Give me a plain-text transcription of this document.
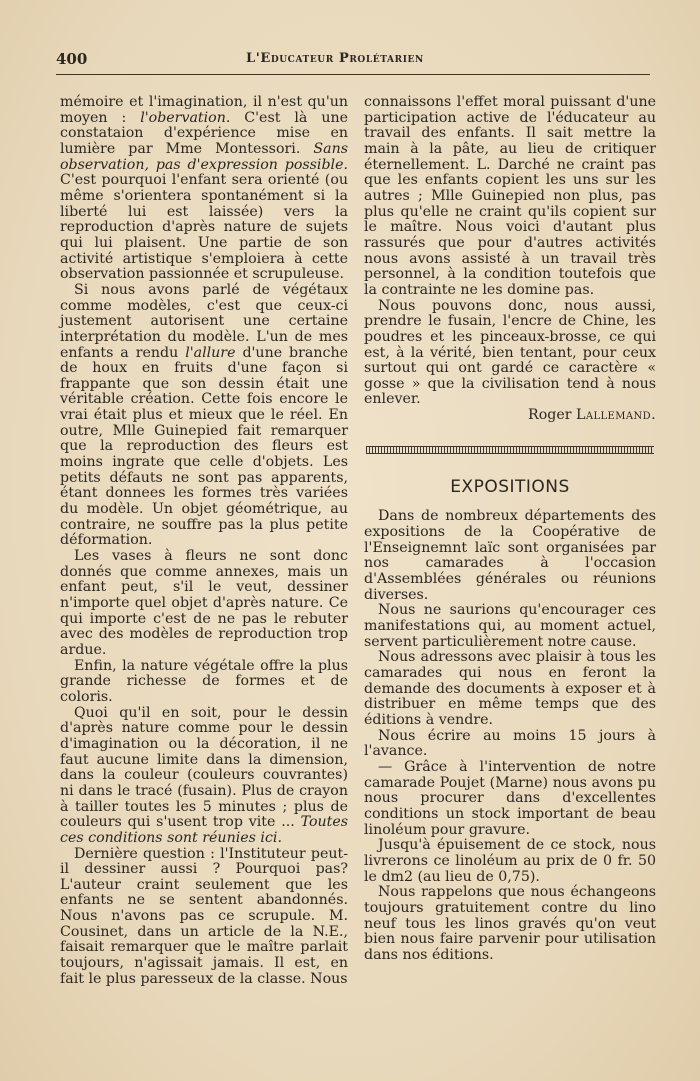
400	L'Educateur Prolétarien

mémoire et l'imagination, il n'est qu'un moyen : l'obervation. C'est là une constataion d'expérience mise en lumière par Mme Montessori. Sans observation, pas d'expression possible. C'est pourquoi l'enfant sera orienté (ou même s'orientera spontanément si la liberté lui est laissée) vers la reproduction d'après nature de sujets qui lui plaisent. Une partie de son activité artistique s'emploiera à cette observation passionnée et scrupuleuse.

Si nous avons parlé de végétaux comme modèles, c'est que ceux-ci justement autorisent une certaine interprétation du modèle. L'un de mes enfants a rendu l'allure d'une branche de houx en fruits d'une façon si frappante que son dessin était une véritable création. Cette fois encore le vrai était plus et mieux que le réel. En outre, Mlle Guinepied fait remarquer que la reproduction des fleurs est moins ingrate que celle d'objets. Les petits défauts ne sont pas apparents, étant donnees les formes très variées du modèle. Un objet géométrique, au contraire, ne souffre pas la plus petite déformation.

Les vases à fleurs ne sont donc donnés que comme annexes, mais un enfant peut, s'il le veut, dessiner n'importe quel objet d'après nature. Ce qui importe c'est de ne pas le rebuter avec des modèles de reproduction trop ardue.

Enfin, la nature végétale offre la plus grande richesse de formes et de coloris.

Quoi qu'il en soit, pour le dessin d'après nature comme pour le dessin d'imagination ou la décoration, il ne faut aucune limite dans la dimension, dans la couleur (couleurs couvrantes) ni dans le tracé (fusain). Plus de crayon à tailler toutes les 5 minutes ; plus de couleurs qui s'usent trop vite ... Toutes ces conditions sont réunies ici.

Dernière question : l'Instituteur peut-il dessiner aussi ? Pourquoi pas? L'auteur craint seulement que les enfants ne se sentent abandonnés. Nous n'avons pas ce scrupule. M. Cousinet, dans un article de la N.E., faisait remarquer que le maître parlait toujours, n'agissait jamais. Il est, en fait le plus paresseux de la classe. Nous

connaissons l'effet moral puissant d'une participation active de l'éducateur au travail des enfants. Il sait mettre la main à la pâte, au lieu de critiquer éternellement. L. Darché ne craint pas que les enfants copient les uns sur les autres ; Mlle Guinepied non plus, pas plus qu'elle ne craint qu'ils copient sur le maître. Nous voici d'autant plus rassurés que pour d'autres activités nous avons assisté à un travail très personnel, à la condition toutefois que la contrainte ne les domine pas.

Nous pouvons donc, nous aussi, prendre le fusain, l'encre de Chine, les poudres et les pinceaux-brosse, ce qui est, à la vérité, bien tentant, pour ceux surtout qui ont gardé ce caractère « gosse » que la civilisation tend à nous enlever.

Roger Lallemand.

EXPOSITIONS

Dans de nombreux départements des expositions de la Coopérative de l'Enseignemnt laïc sont organisées par nos camarades à l'occasion d'Assemblées générales ou réunions diverses.

Nous ne saurions qu'encourager ces manifestations qui, au moment actuel, servent particulièrement notre cause.

Nous adressons avec plaisir à tous les camarades qui nous en feront la demande des documents à exposer et à distribuer en même temps que des éditions à vendre.

Nous écrire au moins 15 jours à l'avance.

— Grâce à l'intervention de notre camarade Poujet (Marne) nous avons pu nous procurer dans d'excellentes conditions un stock important de beau linoléum pour gravure.

Jusqu'à épuisement de ce stock, nous livrerons ce linoléum au prix de 0 fr. 50 le dm2 (au lieu de 0,75).

Nous rappelons que nous échangeons toujours gratuitement contre du lino neuf tous les linos gravés qu'on veut bien nous faire parvenir pour utilisation dans nos éditions.
